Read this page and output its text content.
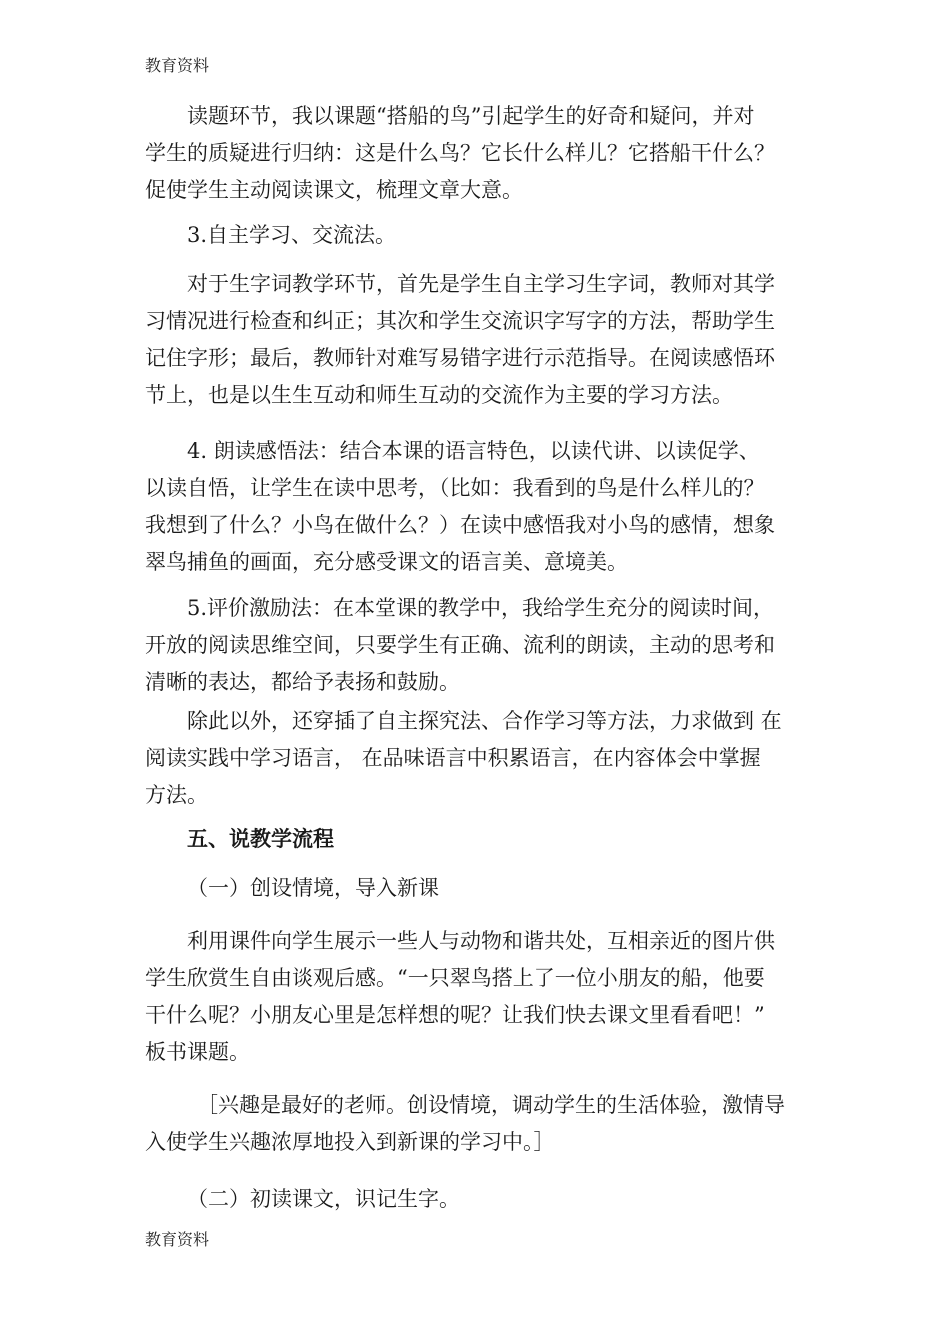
教育资料
读题环节，我以课题“搭船的鸟”引起学生的好奇和疑问，并对
学生的质疑进行归纳：这是什么鸟？它长什么样儿？它搭船干什么？
促使学生主动阅读课文，梳理文章大意。
3.自主学习、交流法。
对于生字词教学环节，首先是学生自主学习生字词，教师对其学
习情况进行检查和纠正；其次和学生交流识字写字的方法，帮助学生
记住字形；最后，教师针对难写易错字进行示范指导。在阅读感悟环
节上，也是以生生互动和师生互动的交流作为主要的学习方法。
4. 朗读感悟法：结合本课的语言特色，以读代讲、以读促学、
以读自悟，让学生在读中思考，（比如：我看到的鸟是什么样儿的？
我想到了什么？小鸟在做什么？）在读中感悟我对小鸟的感情，想象
翠鸟捕鱼的画面，充分感受课文的语言美、意境美。
5.评价激励法：在本堂课的教学中，我给学生充分的阅读时间，
开放的阅读思维空间，只要学生有正确、流利的朗读，主动的思考和
清晰的表达，都给予表扬和鼓励。
除此以外，还穿插了自主探究法、合作学习等方法，力求做到 在
阅读实践中学习语言， 在品味语言中积累语言，在内容体会中掌握
方法。
五、说教学流程
（一）创设情境，导入新课
利用课件向学生展示一些人与动物和谐共处，互相亲近的图片供
学生欣赏生自由谈观后感。“一只翠鸟搭上了一位小朋友的船，他要
干什么呢？小朋友心里是怎样想的呢？让我们快去课文里看看吧！”
板书课题。
［兴趣是最好的老师。创设情境，调动学生的生活体验，激情导
入使学生兴趣浓厚地投入到新课的学习中。］
（二）初读课文，识记生字。
教育资料
